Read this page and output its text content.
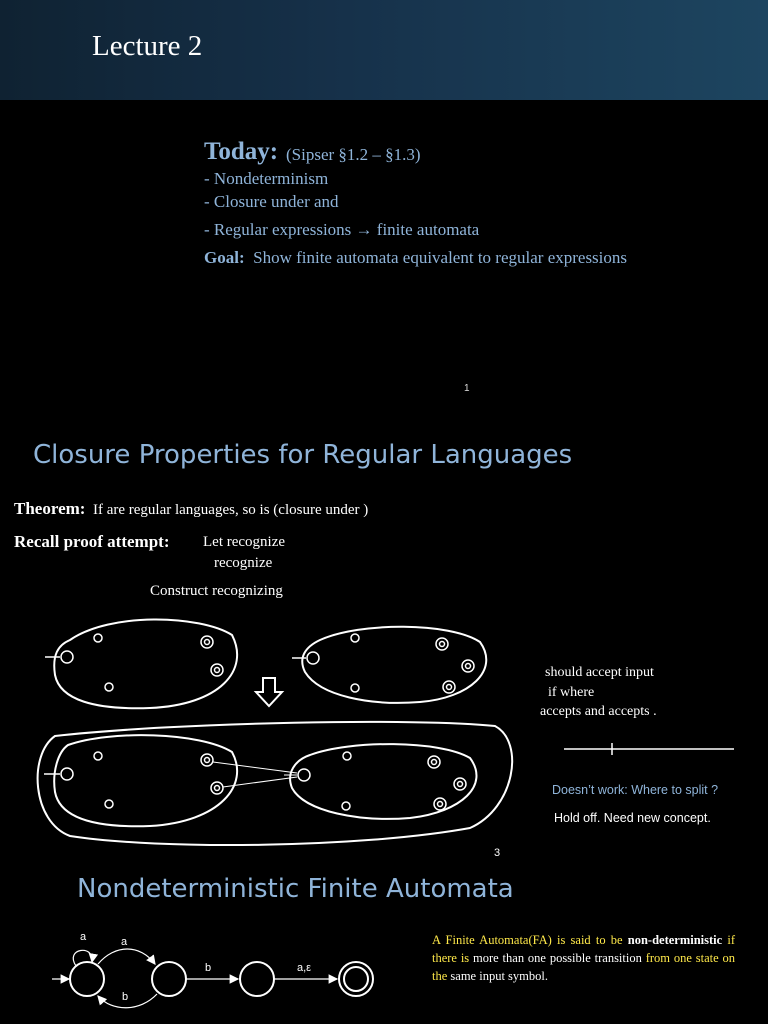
Lecture 2
Today: (Sipser §1.2 – §1.3)
- Nondeterminism
- Closure under and
- Regular expressions → finite automata
Goal: Show finite automata equivalent to regular expressions
1
Closure Properties for Regular Languages
Theorem: If are regular languages, so is (closure under )
Recall proof attempt: Let recognize
recognize
Construct recognizing
should accept input
if where
accepts and accepts .
Doesn’t work: Where to split ?
Hold off. Need new concept.
3
Nondeterministic Finite Automata
a	a
b
b	a,ε
A Finite Automata(FA) is said to be non-deterministic if there is more than one possible transition from one state on the same input symbol.
